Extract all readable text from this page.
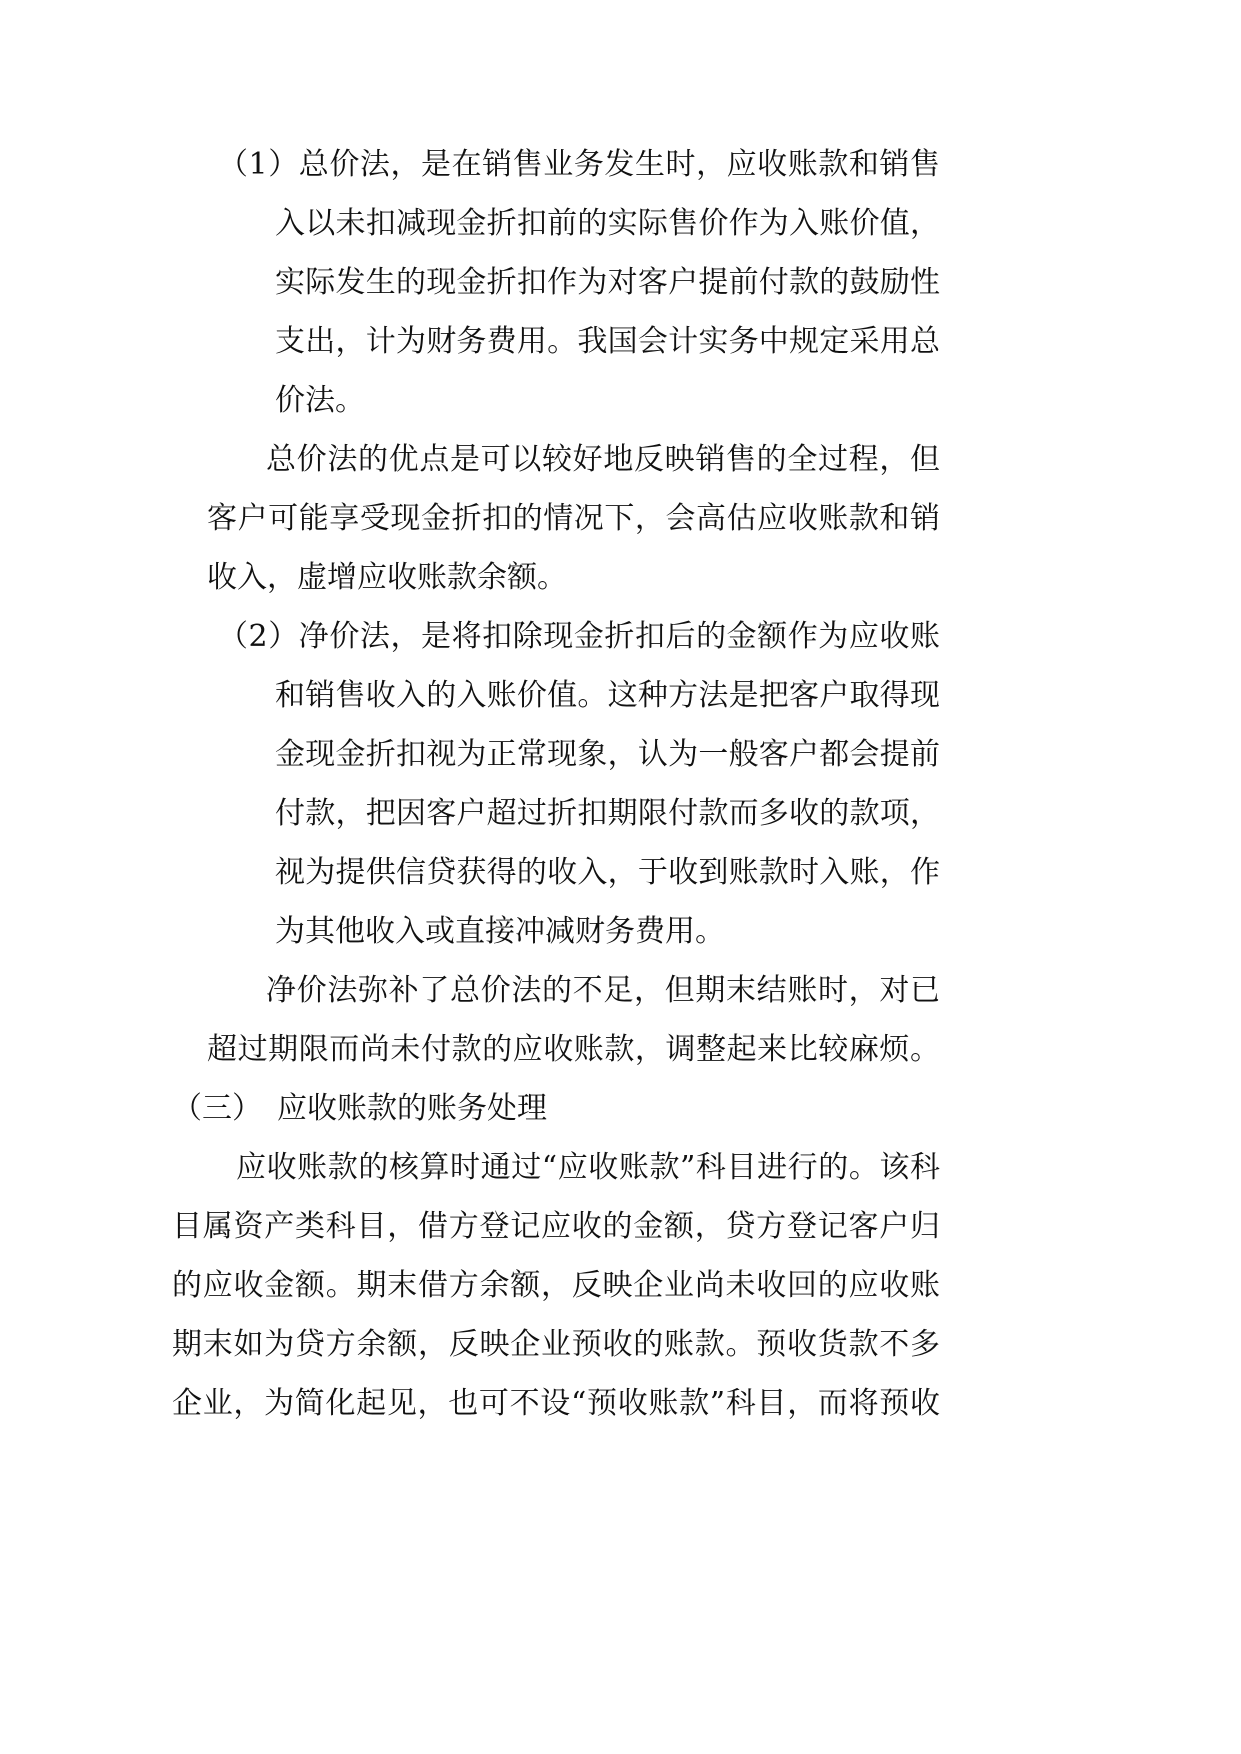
（1）总价法，是在销售业务发生时，应收账款和销售
入以未扣减现金折扣前的实际售价作为入账价值，
实际发生的现金折扣作为对客户提前付款的鼓励性
支出，计为财务费用。我国会计实务中规定采用总
价法。
总价法的优点是可以较好地反映销售的全过程，但
客户可能享受现金折扣的情况下，会高估应收账款和销
收入，虚增应收账款余额。
（2）净价法，是将扣除现金折扣后的金额作为应收账
和销售收入的入账价值。这种方法是把客户取得现
金现金折扣视为正常现象，认为一般客户都会提前
付款，把因客户超过折扣期限付款而多收的款项，
视为提供信贷获得的收入，于收到账款时入账，作
为其他收入或直接冲减财务费用。
净价法弥补了总价法的不足，但期末结账时，对已
超过期限而尚未付款的应收账款，调整起来比较麻烦。
（三）　应收账款的账务处理
应收账款的核算时通过“应收账款”科目进行的。该科
目属资产类科目，借方登记应收的金额，贷方登记客户归
的应收金额。期末借方余额，反映企业尚未收回的应收账
期末如为贷方余额，反映企业预收的账款。预收货款不多
企业，为简化起见，也可不设“预收账款”科目，而将预收
